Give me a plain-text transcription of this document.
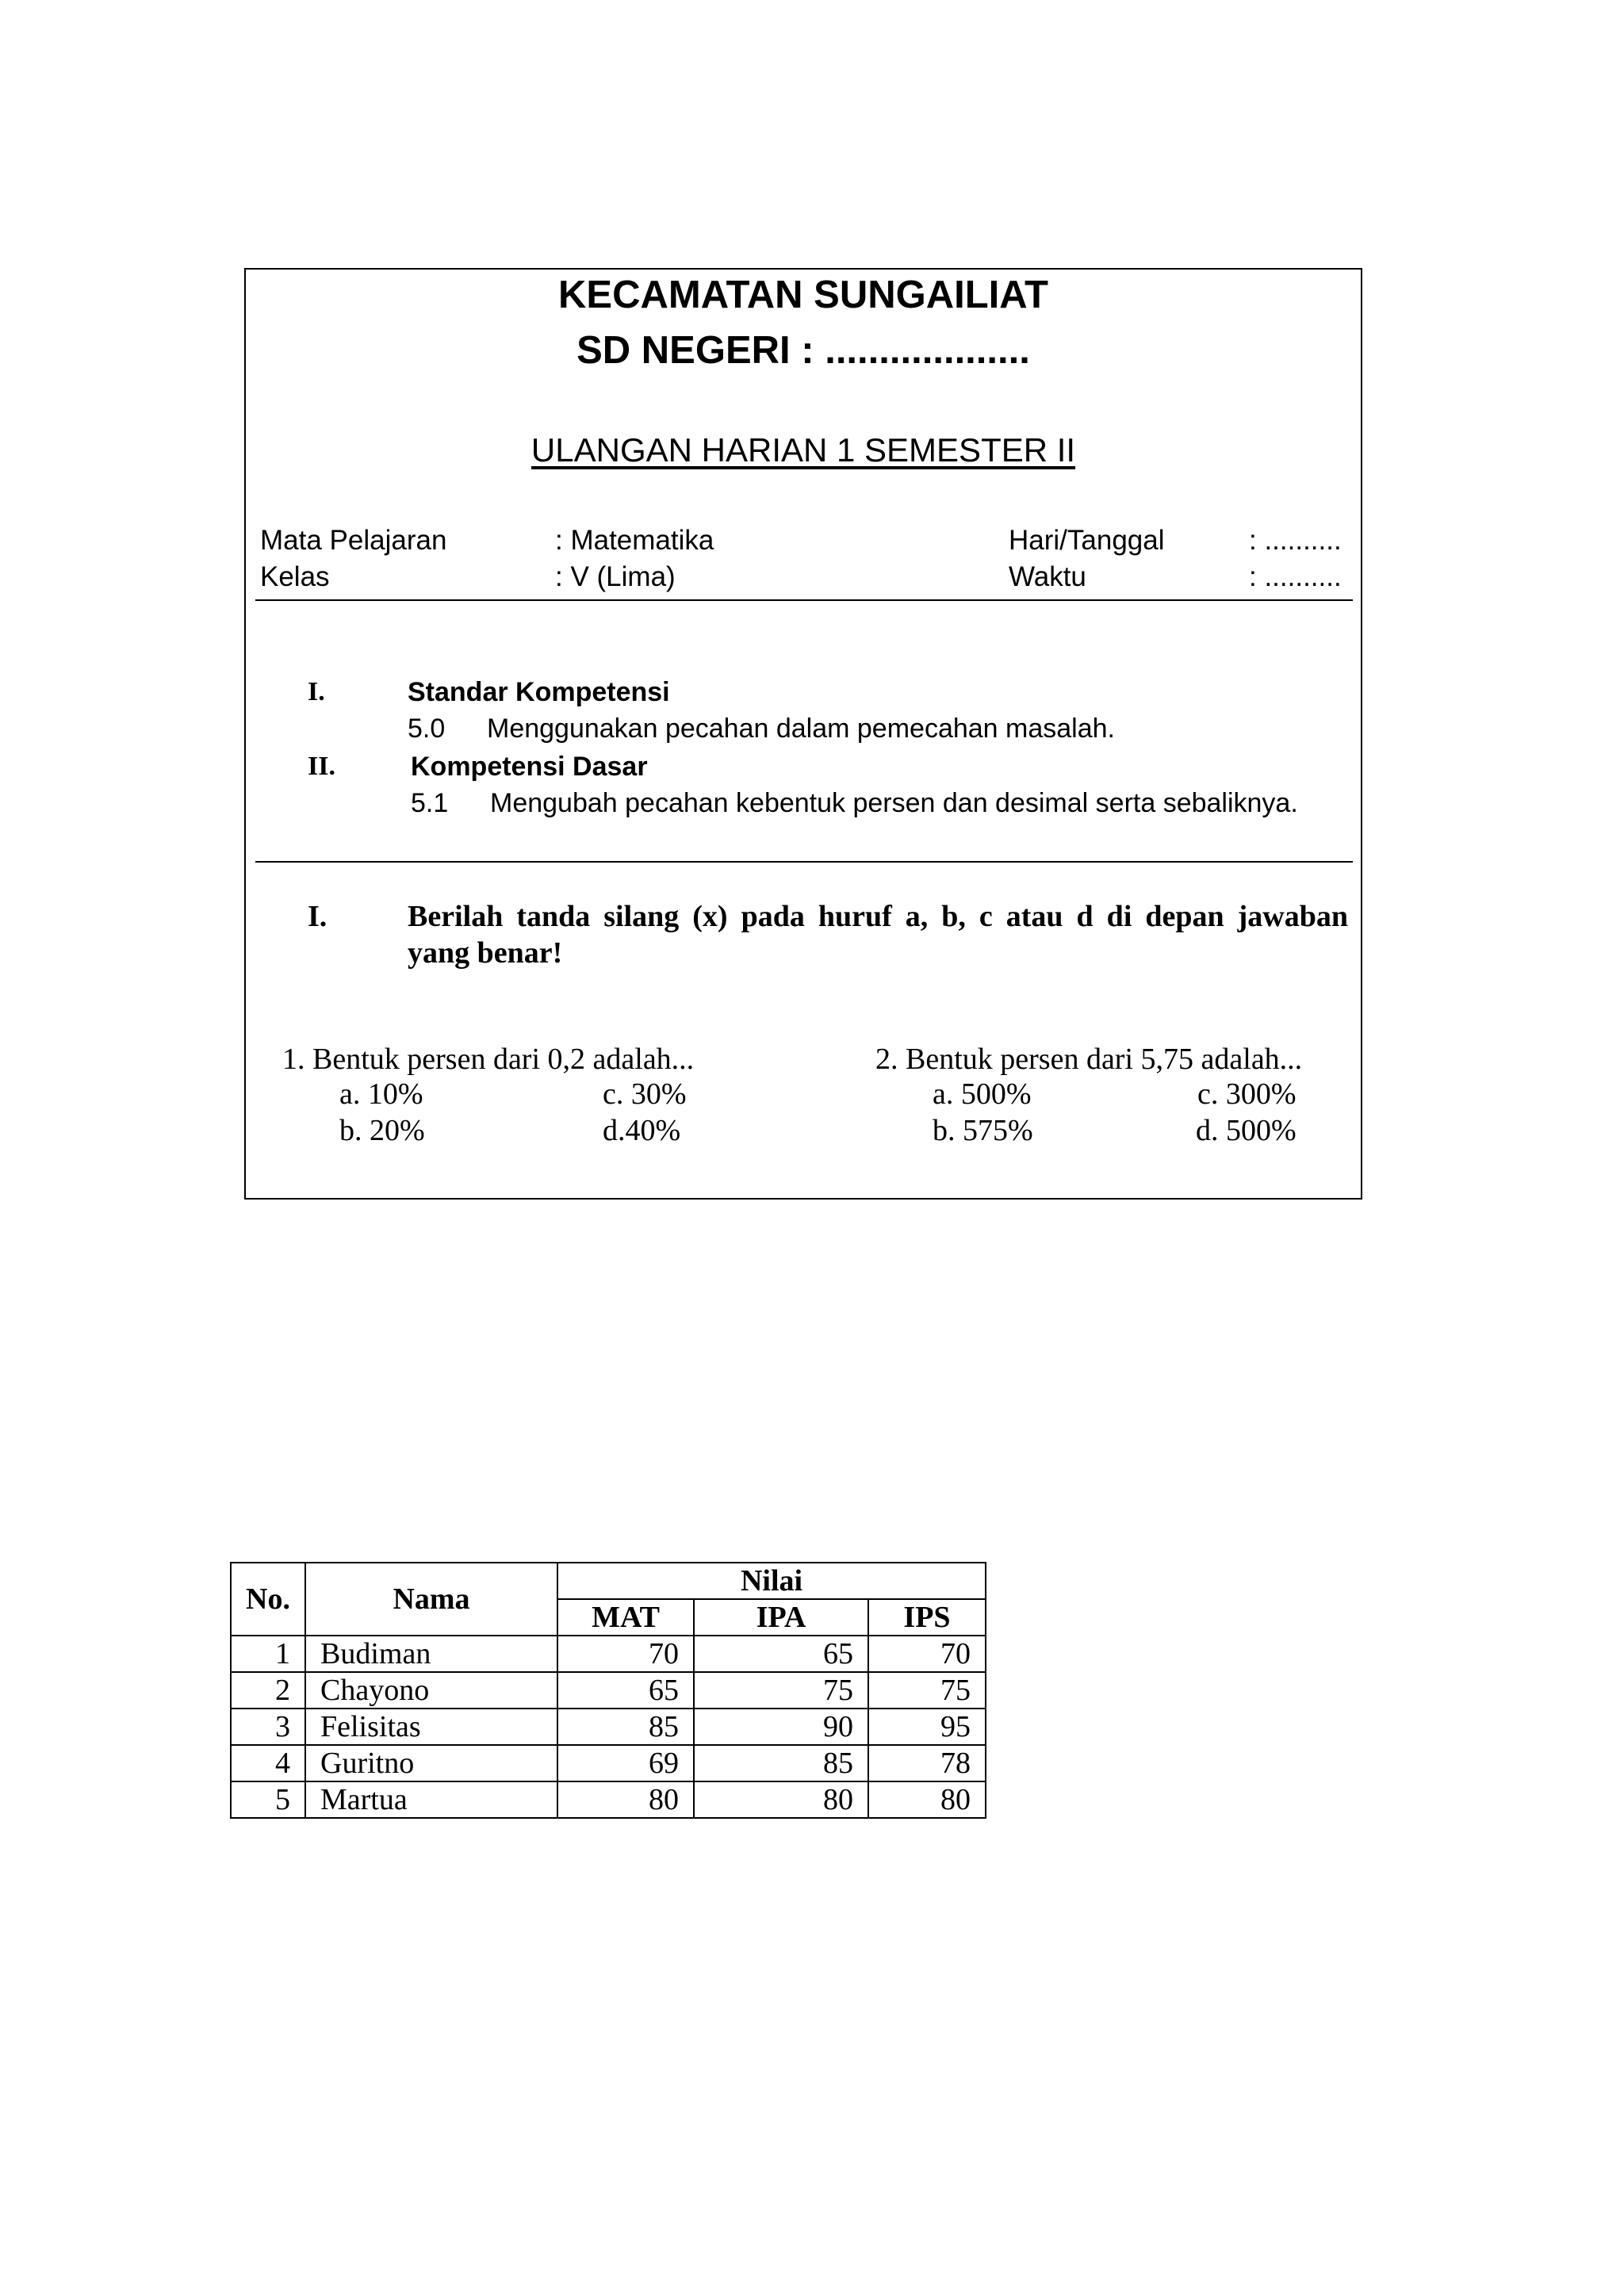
KECAMATAN SUNGAILIAT
SD NEGERI : ...................
ULANGAN HARIAN 1 SEMESTER II
Mata Pelajaran	: Matematika	Hari/Tanggal	: ..........
Kelas	: V (Lima)	Waktu	: ..........
I.	Standar Kompetensi
5.0 Menggunakan pecahan dalam pemecahan masalah.
II.	Kompetensi Dasar
5.1 Mengubah pecahan kebentuk persen dan desimal serta sebaliknya.
I.	Berilah tanda silang (x) pada huruf a, b, c atau d di depan jawaban
yang benar!
1. Bentuk persen dari 0,2 adalah...
a. 10%	c. 30%
b. 20%	d.40%
2. Bentuk persen dari 5,75 adalah...
a. 500%	c. 300%
b. 575%	d. 500%
No.	Nama	Nilai		
		MAT	IPA	IPS
1	Budiman	70	65	70
2	Chayono	65	75	75
3	Felisitas	85	90	95
4	Guritno	69	85	78
5	Martua	80	80	80
